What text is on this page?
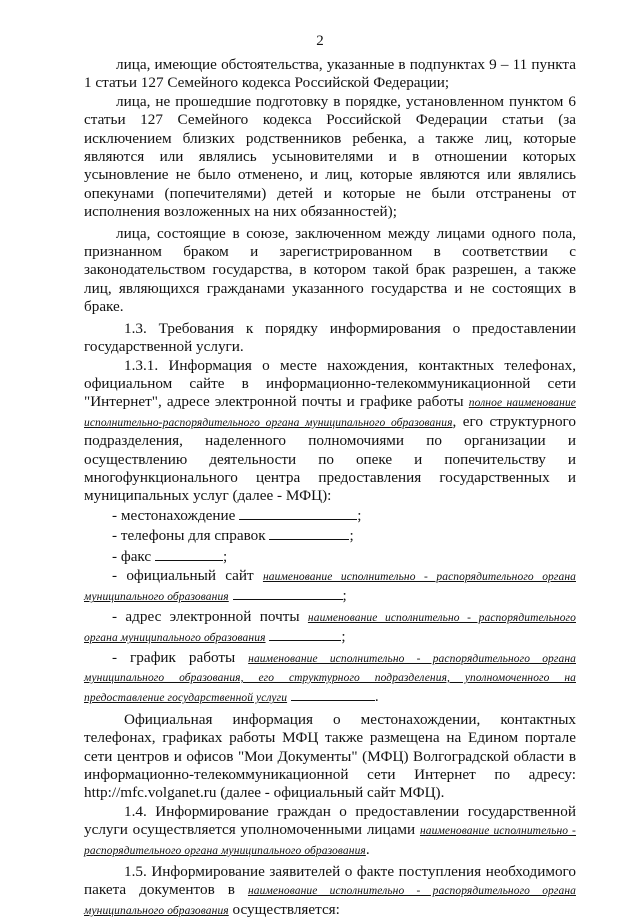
2

лица, имеющие обстоятельства, указанные в подпунктах 9 – 11 пункта 1 статьи 127 Семейного кодекса Российской Федерации;

лица, не прошедшие подготовку в порядке, установленном пунктом 6 статьи 127 Семейного кодекса Российской Федерации статьи (за исключением близких родственников ребенка, а также лиц, которые являются или являлись усыновителями и в отношении которых усыновление не было отменено, и лиц, которые являются или являлись опекунами (попечителями) детей и которые не были отстранены от исполнения возложенных на них обязанностей);

лица, состоящие в союзе, заключенном между лицами одного пола, признанном браком и зарегистрированном в соответствии с законодательством государства, в котором такой брак разрешен, а также лиц, являющихся гражданами указанного государства и не состоящих в браке.

1.3. Требования к порядку информирования о предоставлении государственной услуги.

1.3.1. Информация о месте нахождения, контактных телефонах, официальном сайте в информационно-телекоммуникационной сети "Интернет", адресе электронной почты и графике работы полное наименование исполнительно-распорядительного органа муниципального образования, его структурного подразделения, наделенного полномочиями по организации и осуществлению деятельности по опеке и попечительству и многофункционального центра предоставления государственных и муниципальных услуг (далее - МФЦ):

- местонахождение	;

- телефоны для справок	;

- факс	;

- официальный сайт наименование исполнительно - распорядительного органа муниципального образования	;

- адрес электронной почты наименование исполнительно - распорядительного органа муниципального образования	;

- график работы наименование исполнительно - распорядительного органа муниципального образования, его структурного подразделения, уполномоченного на предоставление государственной услуги	.

Официальная информация о местонахождении, контактных телефонах, графиках работы МФЦ также размещена на Едином портале сети центров и офисов "Мои Документы" (МФЦ) Волгоградской области в информационно-телекоммуникационной сети Интернет по адресу: http://mfc.volganet.ru (далее - официальный сайт МФЦ).

1.4. Информирование граждан о предоставлении государственной услуги осуществляется уполномоченными лицами наименование исполнительно - распорядительного органа муниципального образования.

1.5. Информирование заявителей о факте поступления необходимого пакета документов в наименование исполнительно - распорядительного органа муниципального образования осуществляется:
